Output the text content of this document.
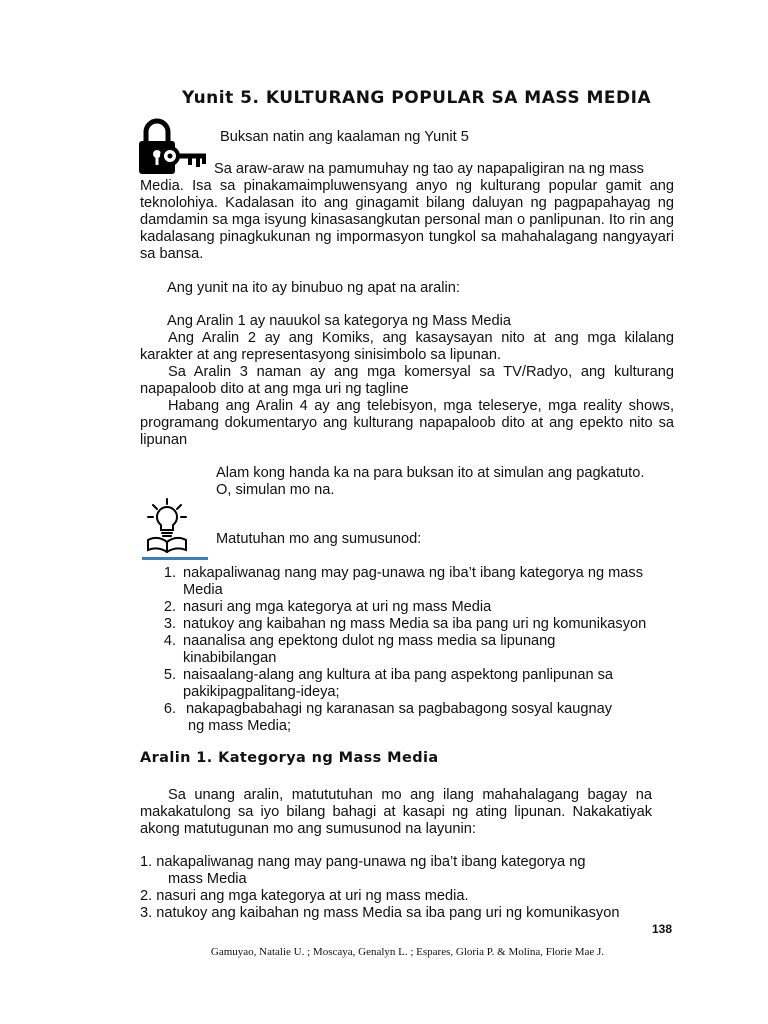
Yunit 5. KULTURANG POPULAR SA MASS MEDIA
Buksan natin ang kaalaman ng Yunit 5
Sa araw-araw na pamumuhay ng tao ay napapaligiran na ng mass
Media. Isa sa pinakamaimpluwensyang anyo ng kulturang popular gamit ang teknolohiya. Kadalasan ito ang ginagamit bilang daluyan ng pagpapahayag ng damdamin sa mga isyung kinasasangkutan personal man o panlipunan. Ito rin ang kadalasang pinagkukunan ng impormasyon tungkol sa mahahalagang nangyayari sa bansa.
Ang yunit na ito ay binubuo ng apat na aralin:
Ang Aralin 1 ay nauukol sa kategorya ng Mass Media
Ang Aralin 2 ay ang Komiks, ang kasaysayan nito at ang mga kilalang karakter at ang representasyong sinisimbolo sa lipunan.
Sa Aralin 3 naman ay ang mga komersyal sa TV/Radyo, ang kulturang napapaloob dito at ang mga uri ng tagline
Habang ang Aralin 4 ay ang telebisyon, mga teleserye, mga reality shows, programang dokumentaryo ang kulturang napapaloob dito at ang epekto nito sa lipunan
Alam kong handa ka na para buksan ito at simulan ang pagkatuto.
O, simulan mo na.
Matutuhan mo ang sumusunod:
1. nakapaliwanag nang may pag-unawa ng iba’t ibang kategorya ng mass
Media
2. nasuri ang mga kategorya at uri ng mass Media
3. natukoy ang kaibahan ng mass Media sa iba pang uri ng komunikasyon
4. naanalisa ang epektong dulot ng mass media sa lipunang
kinabibilangan
5. naisaalang-alang ang kultura at iba pang aspektong panlipunan sa
pakikipagpalitang-ideya;
6. nakapagbabahagi ng karanasan sa pagbabagong sosyal kaugnay
ng mass Media;
Aralin 1. Kategorya ng Mass Media
Sa unang aralin, matututuhan mo ang ilang mahahalagang bagay na makakatulong sa iyo bilang bahagi at kasapi ng ating lipunan. Nakakatiyak akong matutugunan mo ang sumusunod na layunin:
1. nakapaliwanag nang may pang-unawa ng iba’t ibang kategorya ng
mass Media
2. nasuri ang mga kategorya at uri ng mass media.
3. natukoy ang kaibahan ng mass Media sa iba pang uri ng komunikasyon
138
Gamuyao, Natalie U. ; Moscaya, Genalyn L. ; Espares, Gloria P. & Molina, Florie Mae J.
